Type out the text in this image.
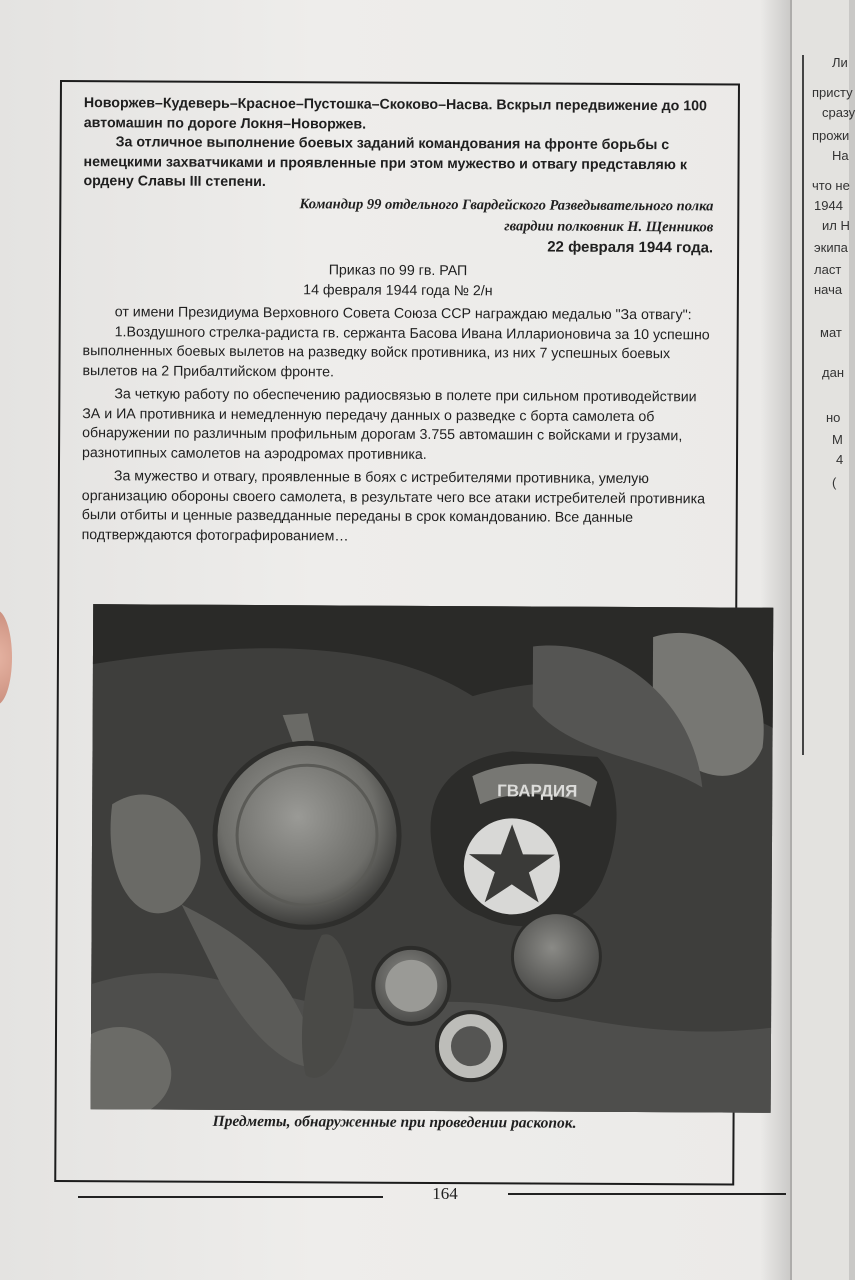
Новоржев–Кудеверь–Красное–Пустошка–Скоково–Насва. Вскрыл передвижение до 100 автомашин по дороге Локня–Новоржев.

За отличное выполнение боевых заданий командования на фронте борьбы с немецкими захватчиками и проявленные при этом мужество и отвагу представляю к ордену Славы III степени.

Командир 99 отдельного Гвардейского Разведывательного полка

гвардии полковник Н. Щенников

22 февраля 1944 года.

Приказ по 99 гв. РАП

14 февраля 1944 года № 2/н

от имени Президиума Верховного Совета Союза ССР награждаю медалью "За отвагу":

1.Воздушного стрелка-радиста гв. сержанта Басова Ивана Илларионовича за 10 успешно выполненных боевых вылетов на разведку войск противника, из них 7 успешных боевых вылетов на 2 Прибалтийском фронте.

За четкую работу по обеспечению радиосвязью в полете при сильном противодействии ЗА и ИА противника и немедленную передачу данных о разведке с борта самолета об обнаружении по различным профильным дорогам 3.755 автомашин с войсками и грузами, разнотипных самолетов на аэродромах противника.

За мужество и отвагу, проявленные в боях с истребителями противника, умелую организацию обороны своего самолета, в результате чего все атаки истребителей противника были отбиты и ценные разведданные переданы в срок командованию. Все данные подтверждаются фотографированием…

ГВАРДИЯ
Предметы, обнаруженные при проведении раскопок.
164
Ли
присту
сразу
прожи
На
что не
1944
ил Н
экипа
ласт
нача
мат
дан
но
М
4
(
